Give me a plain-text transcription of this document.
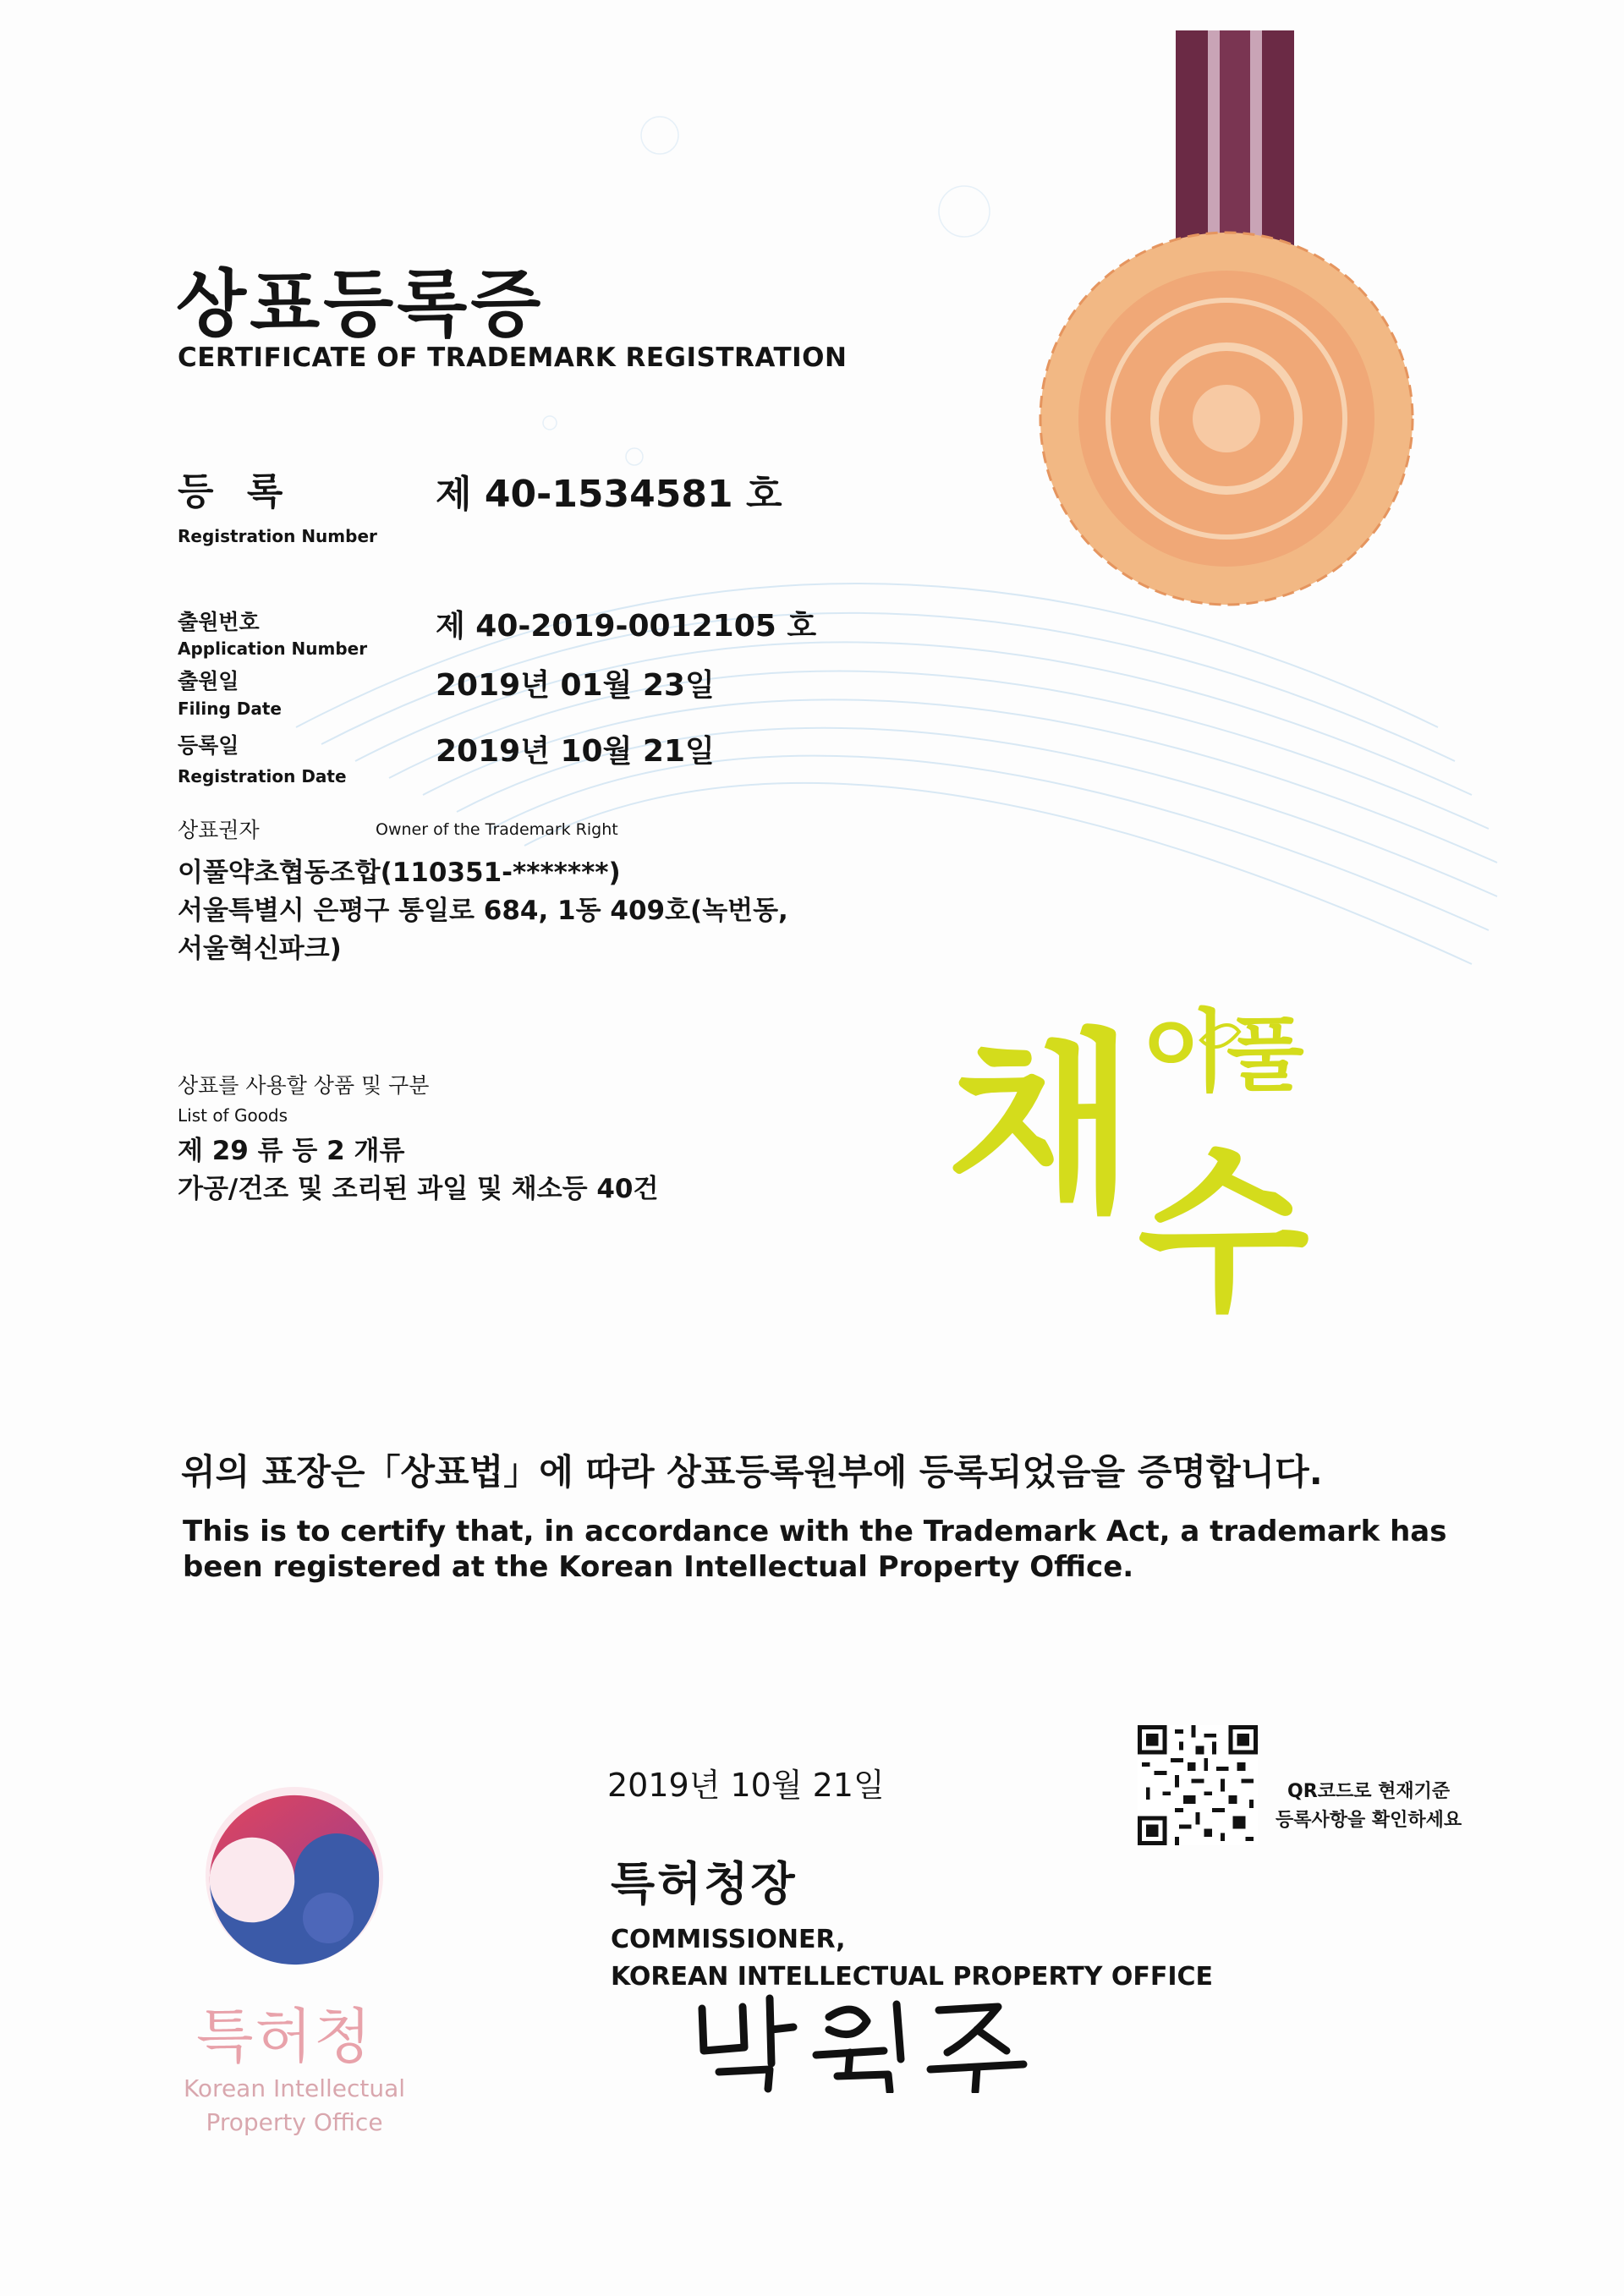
상표등록증
CERTIFICATE OF TRADEMARK REGISTRATION
등 록
Registration Number
제 40-1534581 호
출원번호
Application Number
제 40-2019-0012105 호
출원일
Filing Date
2019년 01월 23일
등록일
Registration Date
2019년 10월 21일
상표권자	Owner of the Trademark Right
이풀약초협동조합(110351-*******)
서울특별시 은평구 통일로 684, 1동 409호(녹번동,
서울혁신파크)
상표를 사용할 상품 및 구분
List of Goods
제 29 류 등 2 개류
가공/건조 및 조리된 과일 및 채소등 40건 채 수
이
풀
위의 표장은「상표법」에 따라 상표등록원부에 등록되었음을 증명합니다.
This is to certify that, in accordance with the Trademark Act, a trademark has
been registered at the Korean Intellectual Property Office.
2019년 10월 21일	QR코드로 현재기준
등록사항을 확인하세요
특허청장
COMMISSIONER,
KOREAN INTELLECTUAL PROPERTY OFFICE
특허청
Korean Intellectual
Property Office
